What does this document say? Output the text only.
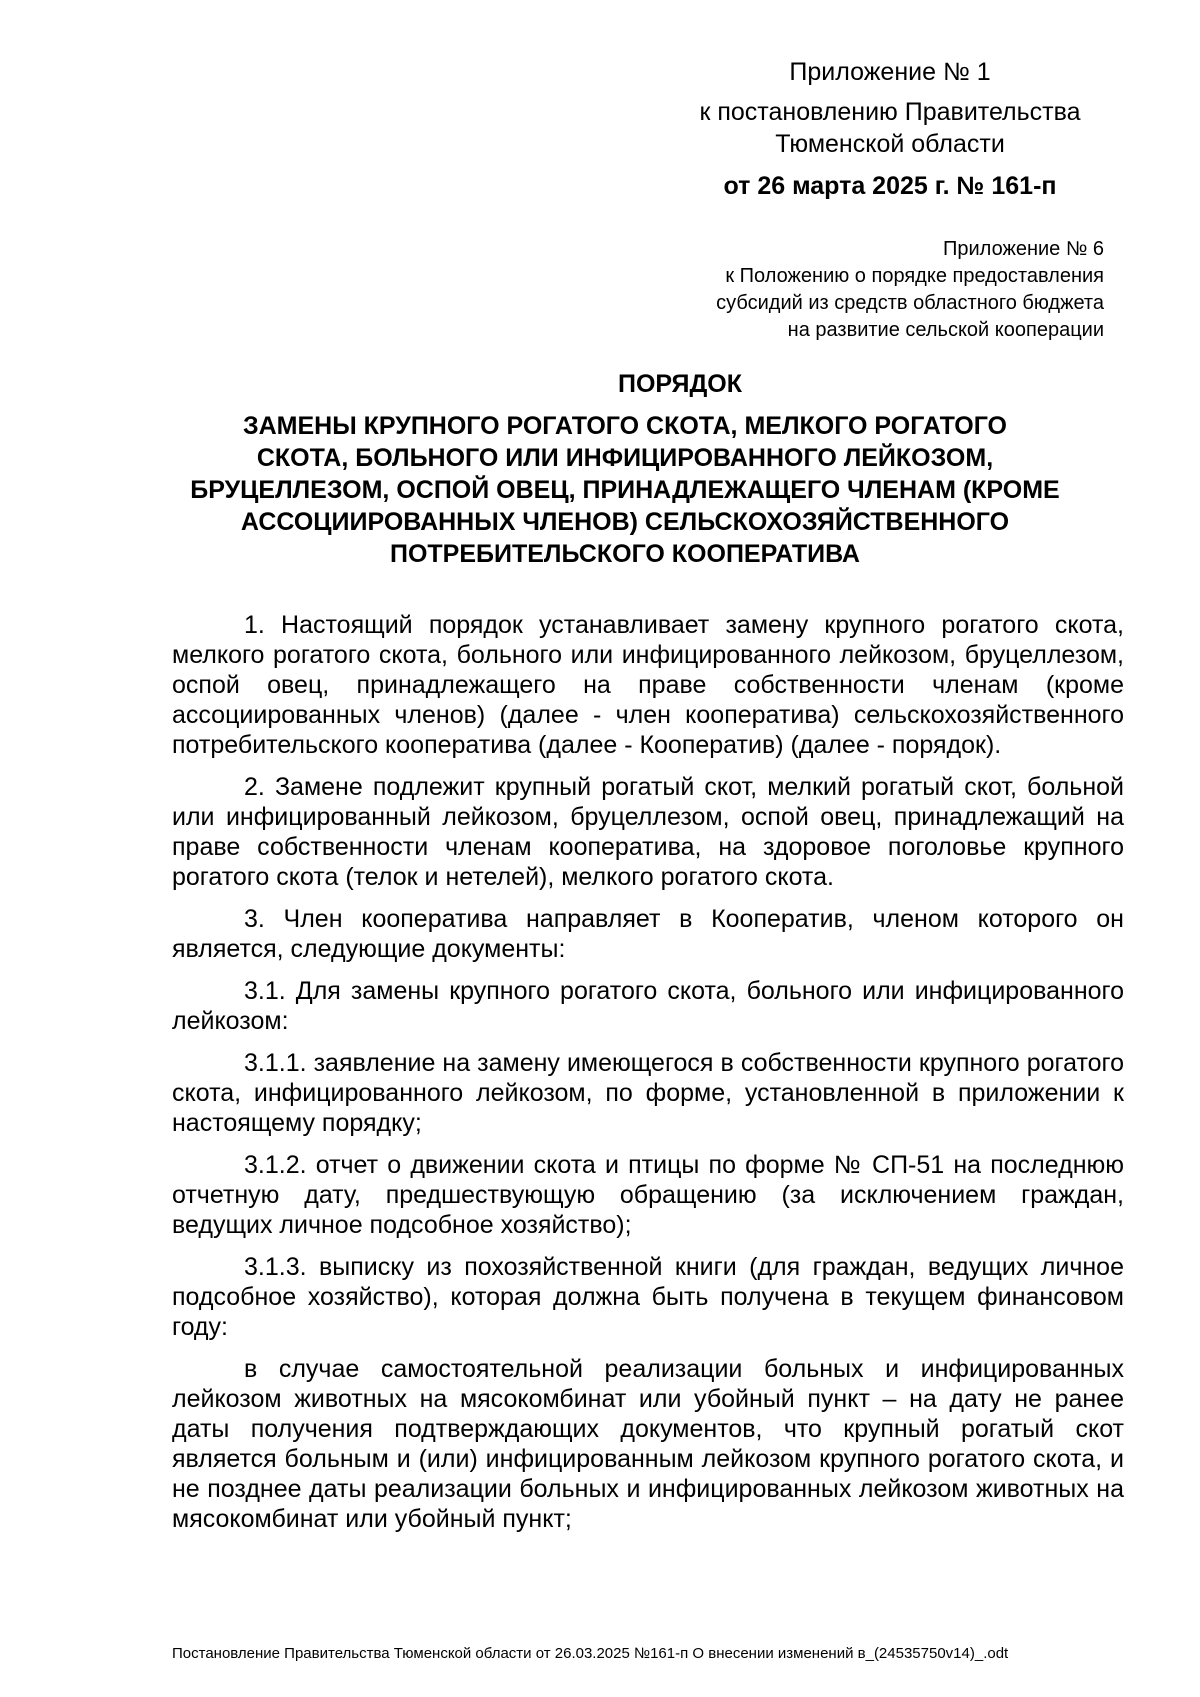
Приложение № 1
к постановлению Правительства
Тюменской области
от 26 марта 2025 г. № 161-п
Приложение № 6
к Положению о порядке предоставления
субсидий из средств областного бюджета
на развитие сельской кооперации
ПОРЯДОК
ЗАМЕНЫ КРУПНОГО РОГАТОГО СКОТА, МЕЛКОГО РОГАТОГО
СКОТА, БОЛЬНОГО ИЛИ ИНФИЦИРОВАННОГО ЛЕЙКОЗОМ,
БРУЦЕЛЛЕЗОМ, ОСПОЙ ОВЕЦ, ПРИНАДЛЕЖАЩЕГО ЧЛЕНАМ (КРОМЕ
АССОЦИИРОВАННЫХ ЧЛЕНОВ) СЕЛЬСКОХОЗЯЙСТВЕННОГО
ПОТРЕБИТЕЛЬСКОГО КООПЕРАТИВА

1. Настоящий порядок устанавливает замену крупного рогатого скота, мелкого рогатого скота, больного или инфицированного лейкозом, бруцеллезом, оспой овец, принадлежащего на праве собственности членам (кроме ассоциированных членов) (далее - член кооператива) сельскохозяйственного потребительского кооператива (далее - Кооператив) (далее - порядок).

2. Замене подлежит крупный рогатый скот, мелкий рогатый скот, больной или инфицированный лейкозом, бруцеллезом, оспой овец, принадлежащий на праве собственности членам кооператива, на здоровое поголовье крупного рогатого скота (телок и нетелей), мелкого рогатого скота.

3. Член кооператива направляет в Кооператив, членом которого он является, следующие документы:

3.1. Для замены крупного рогатого скота, больного или инфицированного лейкозом:

3.1.1. заявление на замену имеющегося в собственности крупного рогатого скота, инфицированного лейкозом, по форме, установленной в приложении к настоящему порядку;

3.1.2. отчет о движении скота и птицы по форме № СП-51 на последнюю отчетную дату, предшествующую обращению (за исключением граждан, ведущих личное подсобное хозяйство);

3.1.3. выписку из похозяйственной книги (для граждан, ведущих личное подсобное хозяйство), которая должна быть получена в текущем финансовом году:

в случае самостоятельной реализации больных и инфицированных лейкозом животных на мясокомбинат или убойный пункт – на дату не ранее даты получения подтверждающих документов, что крупный рогатый скот является больным и (или) инфицированным лейкозом крупного рогатого скота, и не позднее даты реализации больных и инфицированных лейкозом животных на мясокомбинат или убойный пункт;

Постановление Правительства Тюменской области от 26.03.2025 №161-п О внесении изменений в_(24535750v14)_.odt
